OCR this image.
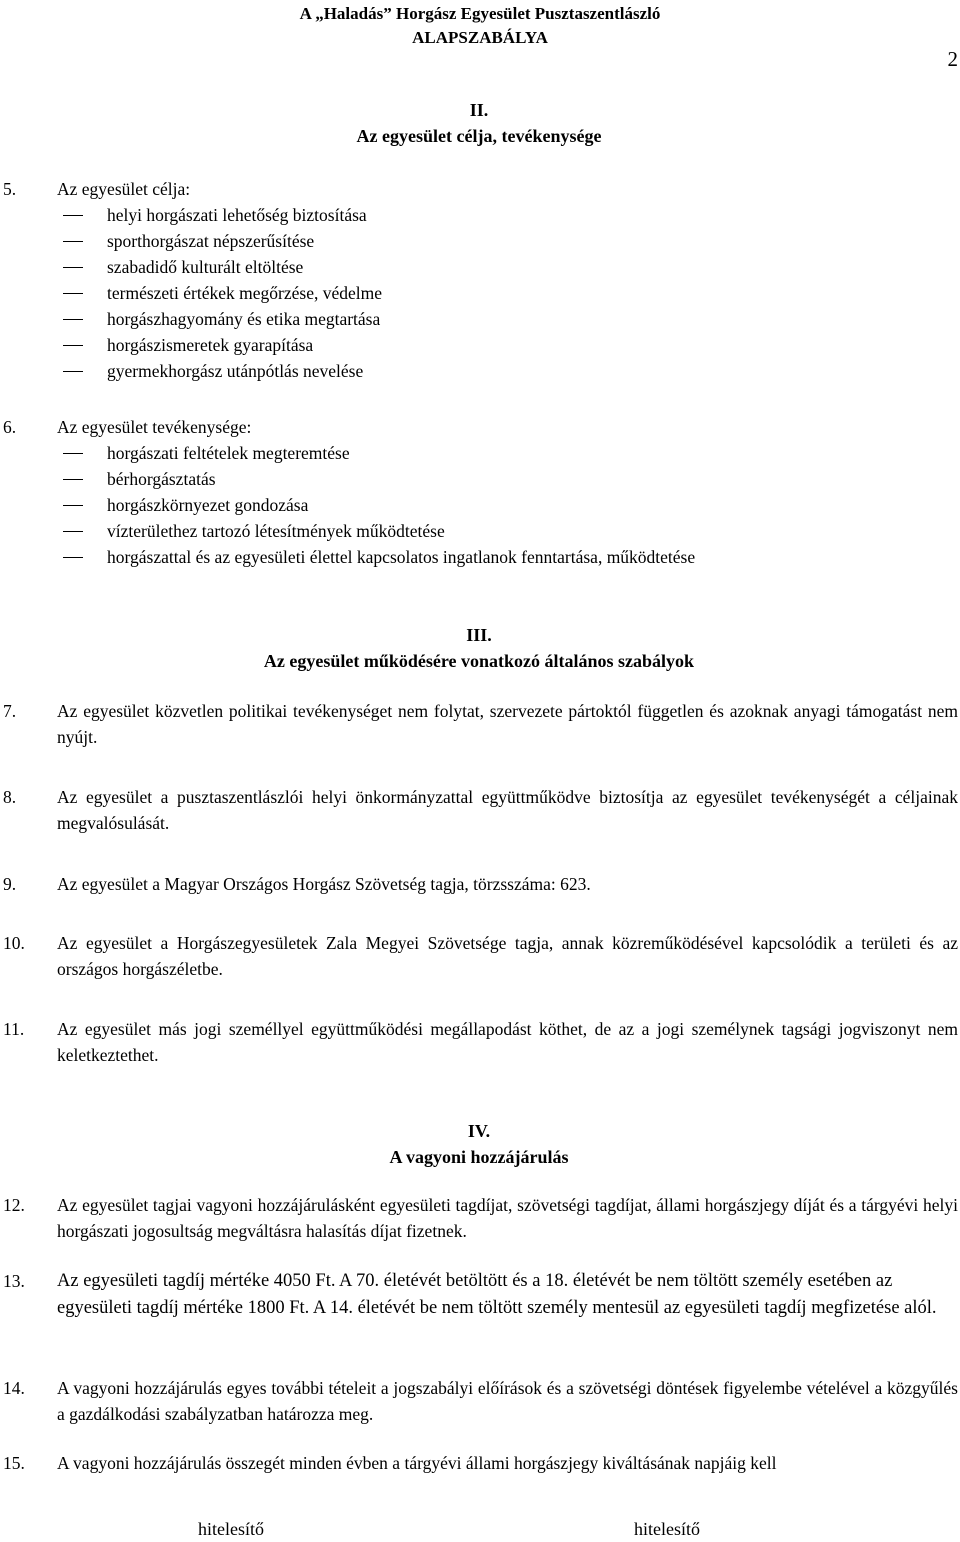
A „Haladás” Horgász Egyesület Pusztaszentlászló
ALAPSZABÁLYA
2
II.
Az egyesület célja, tevékenysége
5. Az egyesület célja:
helyi horgászati lehetőség biztosítása
sporthorgászat népszerűsítése
szabadidő kulturált eltöltése
természeti értékek megőrzése, védelme
horgászhagyomány és etika megtartása
horgászismeretek gyarapítása
gyermekhorgász utánpótlás nevelése
6. Az egyesület tevékenysége:
horgászati feltételek megteremtése
bérhorgásztatás
horgászkörnyezet gondozása
vízterülethez tartozó létesítmények működtetése
horgászattal és az egyesületi élettel kapcsolatos ingatlanok fenntartása, működtetése
III.
Az egyesület működésére vonatkozó általános szabályok
7. Az egyesület közvetlen politikai tevékenységet nem folytat, szervezete pártoktól független és azoknak anyagi támogatást nem nyújt.
8. Az egyesület a pusztaszentlászlói helyi önkormányzattal együttműködve biztosítja az egyesület tevékenységét a céljainak megvalósulását.
9. Az egyesület a Magyar Országos Horgász Szövetség tagja, törzsszáma: 623.
10. Az egyesület a Horgászegyesületek Zala Megyei Szövetsége tagja, annak közreműködésével kapcsolódik a területi és az országos horgászéletbe.
11. Az egyesület más jogi személlyel együttműködési megállapodást köthet, de az a jogi személynek tagsági jogviszonyt nem keletkeztethet.
IV.
A vagyoni hozzájárulás
12. Az egyesület tagjai vagyoni hozzájárulásként egyesületi tagdíjat, szövetségi tagdíjat, állami horgászjegy díját és a tárgyévi helyi horgászati jogosultság megváltásra halasítás díjat fizetnek.
13. Az egyesületi tagdíj mértéke 4050 Ft. A 70. életévét betöltött és a 18. életévét be nem töltött személy esetében az egyesületi tagdíj mértéke 1800 Ft. A 14. életévét be nem töltött személy mentesül az egyesületi tagdíj megfizetése alól.
14. A vagyoni hozzájárulás egyes további tételeit a jogszabályi előírások és a szövetségi döntések figyelembe vételével a közgyűlés a gazdálkodási szabályzatban határozza meg.
15. A vagyoni hozzájárulás összegét minden évben a tárgyévi állami horgászjegy kiváltásának napjáig kell
hitelesítő	hitelesítő
